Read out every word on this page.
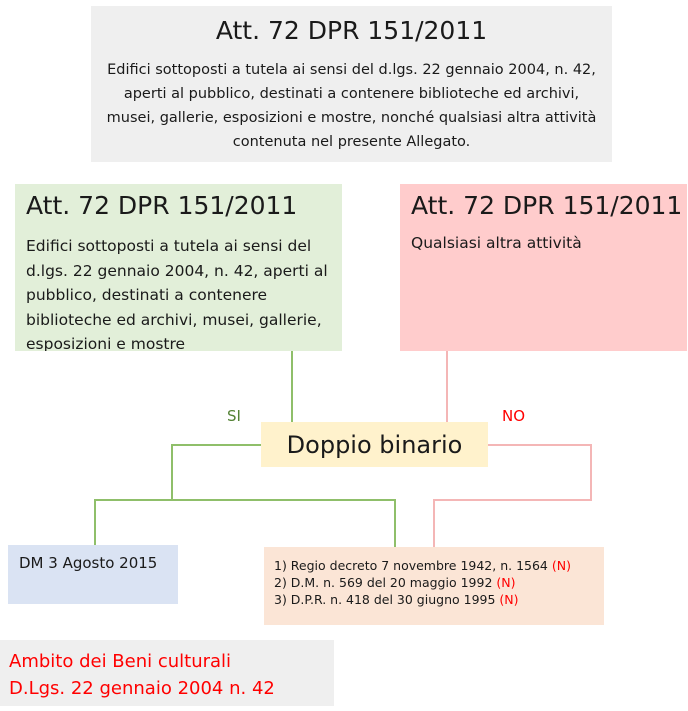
Att. 72 DPR 151/2011
Edifici sottoposti a tutela ai sensi del d.lgs. 22 gennaio 2004, n. 42, aperti al pubblico, destinati a contenere biblioteche ed archivi, musei, gallerie, esposizioni e mostre, nonché qualsiasi altra attività contenuta nel presente Allegato.
Att. 72 DPR 151/2011
Edifici sottoposti a tutela ai sensi del d.lgs. 22 gennaio 2004, n. 42, aperti al pubblico, destinati a contenere biblioteche ed archivi, musei, gallerie, esposizioni e mostre
Att. 72 DPR 151/2011
Qualsiasi altra attività
SI	NO
Doppio binario
DM 3 Agosto 2015	1) Regio decreto 7 novembre 1942, n. 1564 (N)
2) D.M. n. 569 del 20 maggio 1992 (N)
3) D.P.R. n. 418 del 30 giugno 1995 (N)
Ambito dei Beni culturali
D.Lgs. 22 gennaio 2004 n. 42
